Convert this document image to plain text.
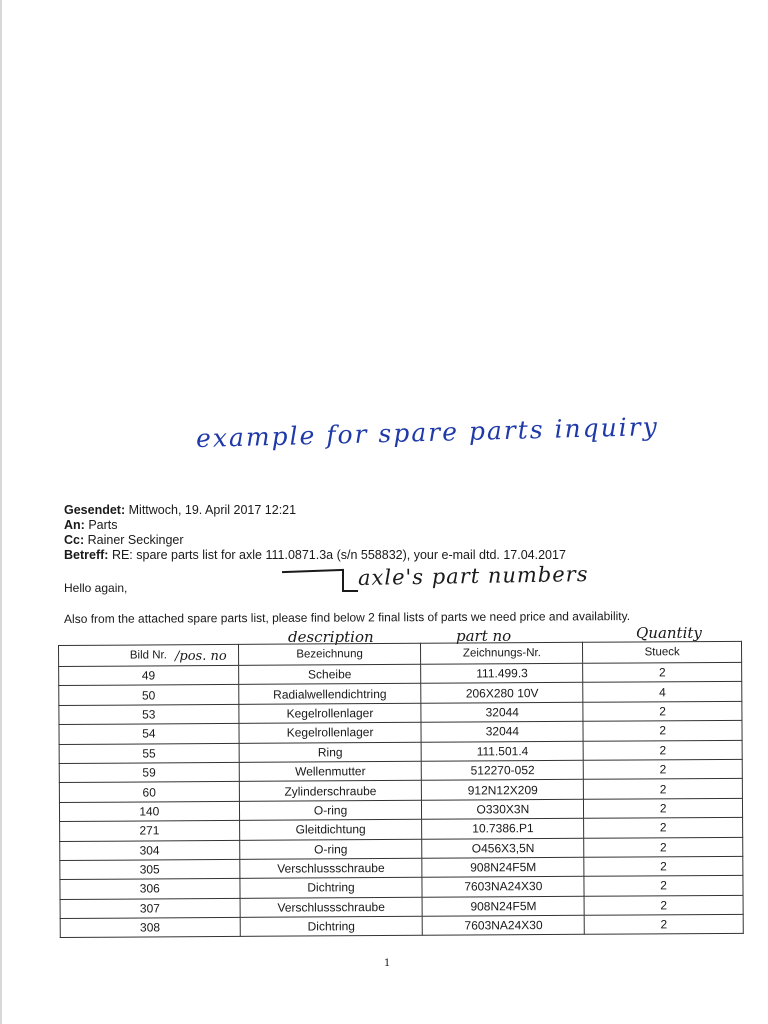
example for spare parts inquiry
axle's part numbers
Gesendet: Mittwoch, 19. April 2017 12:21
An: Parts
Cc: Rainer Seckinger
Betreff: RE: spare parts list for axle 111.0871.3a (s/n 558832), your e-mail dtd. 17.04.2017
Hello again,
Also from the attached spare parts list, please find below 2 final lists of parts we need price and availability.
description	part no	Quantity
Bild Nr.	Bezeichnung	Zeichnungs-Nr.	Stueck
49	Scheibe	111.499.3	2
50	Radialwellendichtring	206X280 10V	4
53	Kegelrollenlager	32044	2
54	Kegelrollenlager	32044	2
55	Ring	111.501.4	2
59	Wellenmutter	512270-052	2
60	Zylinderschraube	912N12X209	2
140	O-ring	O330X3N	2
271	Gleitdichtung	10.7386.P1	2
304	O-ring	O456X3,5N	2
305	Verschlussschraube	908N24F5M	2
306	Dichtring	7603NA24X30	2
307	Verschlussschraube	908N24F5M	2
308	Dichtring	7603NA24X30	2
/pos. no
1
